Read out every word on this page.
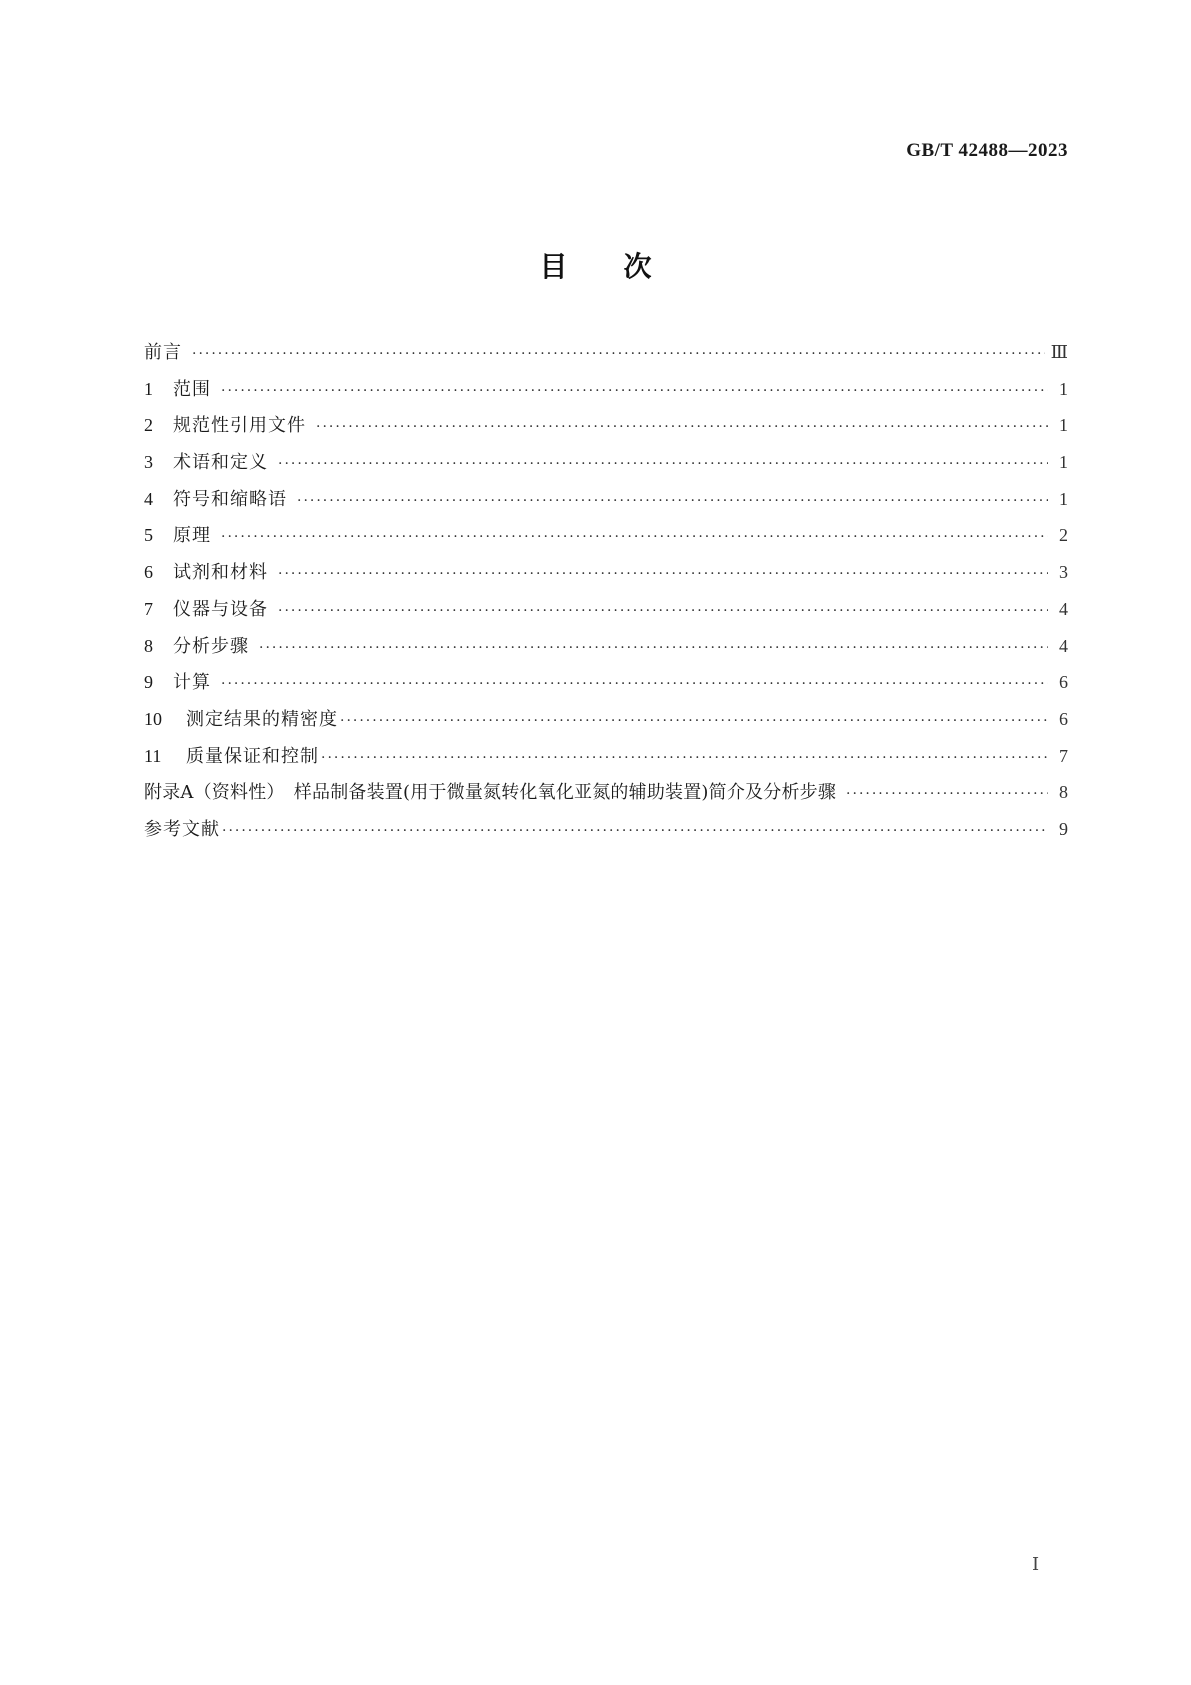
GB/T 42488—2023
目次
前言 ·····	Ⅲ
1	范围 ·····	1
2	规范性引用文件 ·····	1
3	术语和定义 ·····	1
4	符号和缩略语 ·····	1
5	原理 ·····	2
6	试剂和材料 ·····	3
7	仪器与设备 ·····	4
8	分析步骤 ·····	4
9	计算 ·····	6
10	测定结果的精密度 ·····	6
11	质量保证和控制 ·····	7
附录A（资料性）　样品制备装置(用于微量氮转化氧化亚氮的辅助装置)简介及分析步骤 ·····	8
参考文献 ·····	9
Ⅰ
